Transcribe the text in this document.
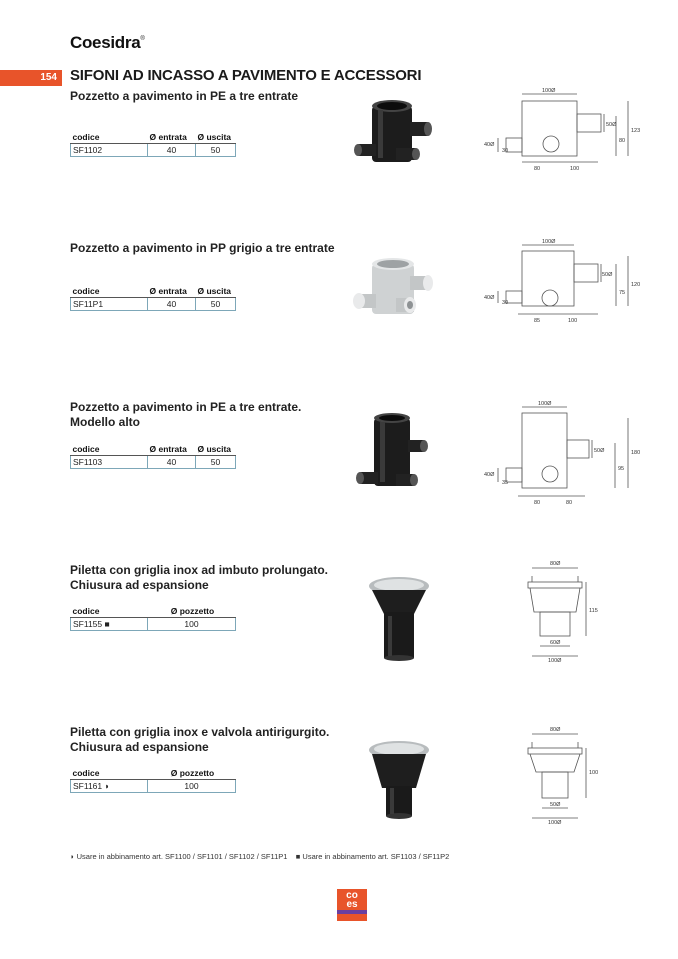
Coesidra®
154 SIFONI AD INCASSO A PAVIMENTO E ACCESSORI
Pozzetto a pavimento in PE a tre entrate
codice	Ø entrata	Ø uscita
SF1102	40	50
100Ø
50Ø
123
80
40Ø
30
80	100
Pozzetto a pavimento in PP grigio a tre entrate
codice	Ø entrata	Ø uscita
SF11P1	40	50
100Ø
50Ø
120
75
40Ø
30
85	100
Pozzetto a pavimento in PE a tre entrate.
Modello alto
codice	Ø entrata	Ø uscita
SF1103	40	50
100Ø
50Ø	180
95
40Ø
35
80	80
Piletta con griglia inox ad imbuto prolungato.
Chiusura ad espansione
codice	Ø pozzetto
SF1155 ■	100
80Ø
115
60Ø
100Ø
Piletta con griglia inox e valvola antirigurgito.
Chiusura ad espansione
codice	Ø pozzetto
SF1161 ◗	100
80Ø
100
50Ø
100Ø
◗ Usare in abbinamento art. SF1100 / SF1101 / SF1102 / SF11P1 ■ Usare in abbinamento art. SF1103 / SF11P2
co
es
